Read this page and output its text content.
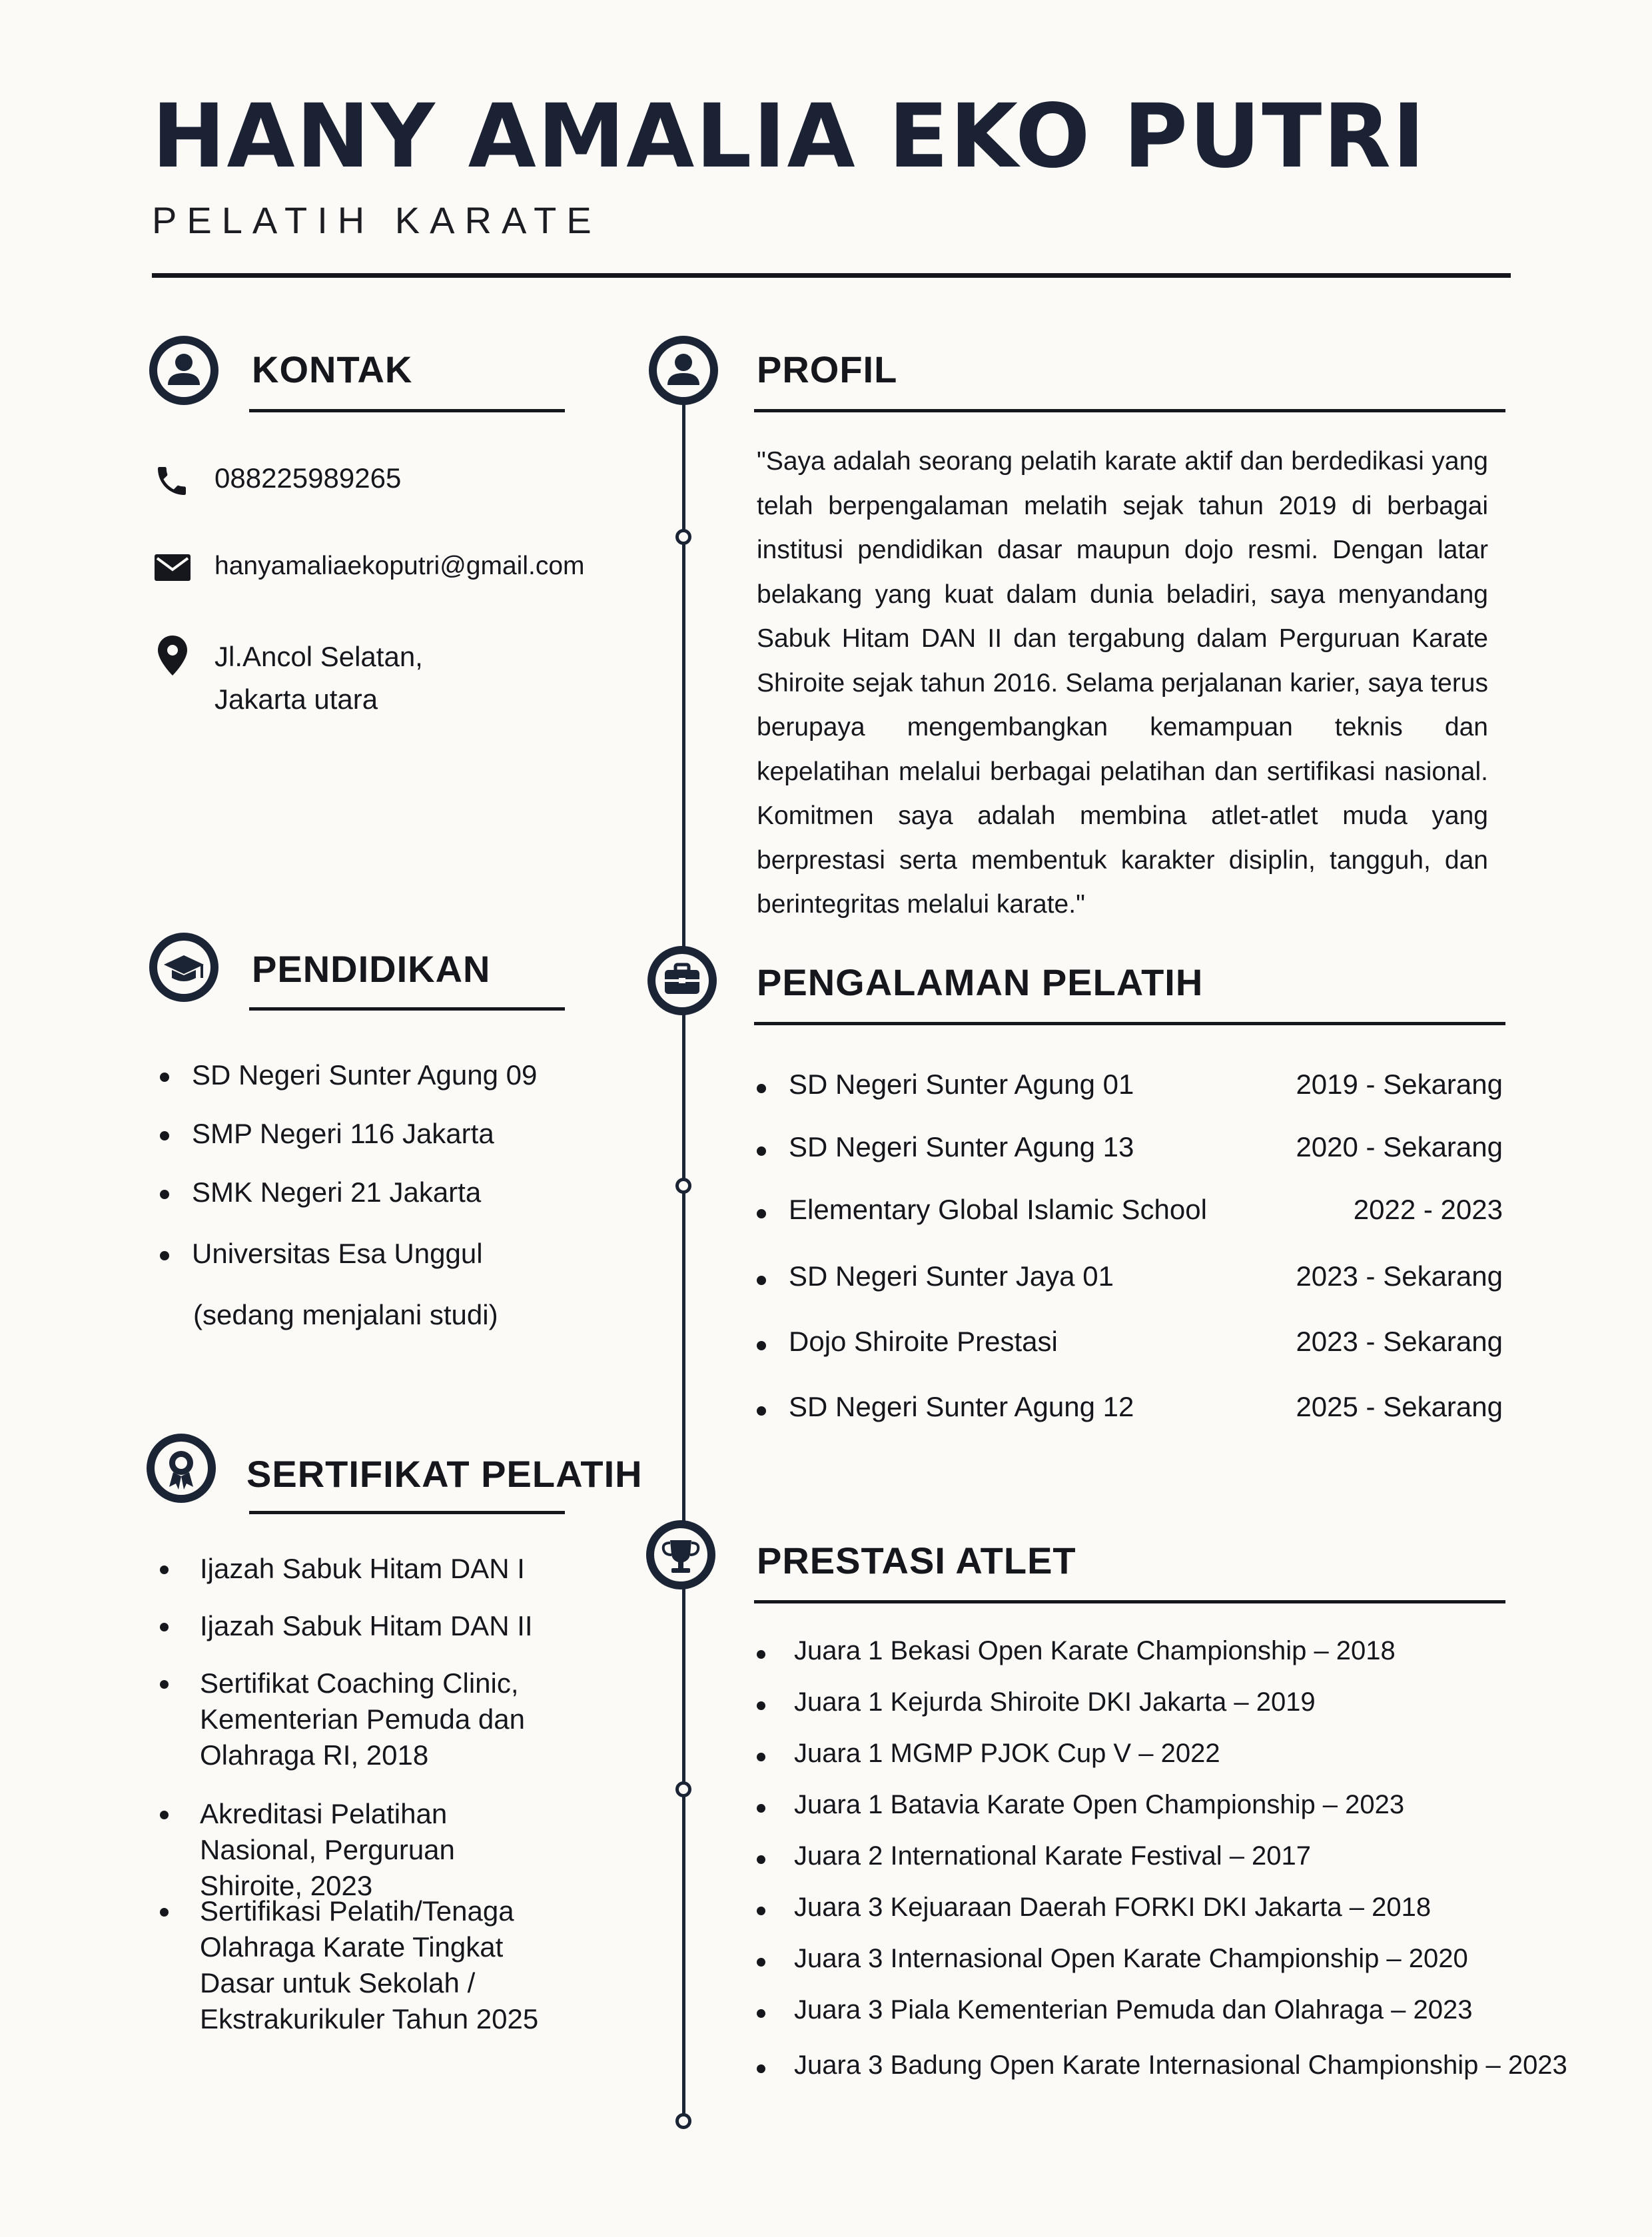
HANY AMALIA EKO PUTRI
PELATIH KARATE
KONTAK
088225989265
hanyamaliaekoputri@gmail.com
Jl.Ancol Selatan,
Jakarta utara
PENDIDIKAN
SD Negeri Sunter Agung 09
SMP Negeri 116 Jakarta
SMK Negeri 21 Jakarta
Universitas Esa Unggul
(sedang menjalani studi)
SERTIFIKAT PELATIH
Ijazah Sabuk Hitam DAN I
Ijazah Sabuk Hitam DAN II
Sertifikat Coaching Clinic, Kementerian Pemuda dan Olahraga RI, 2018
Akreditasi Pelatihan Nasional, Perguruan Shiroite, 2023
Sertifikasi Pelatih/Tenaga Olahraga Karate Tingkat Dasar untuk Sekolah / Ekstrakurikuler Tahun 2025
PROFIL

"Saya adalah seorang pelatih karate aktif dan berdedikasi yang telah berpengalaman melatih sejak tahun 2019 di berbagai institusi pendidikan dasar maupun dojo resmi. Dengan latar belakang yang kuat dalam dunia beladiri, saya menyandang Sabuk Hitam DAN II dan tergabung dalam Perguruan Karate Shiroite sejak tahun 2016. Selama perjalanan karier, saya terus berupaya mengembangkan kemampuan teknis dan kepelatihan melalui berbagai pelatihan dan sertifikasi nasional. Komitmen saya adalah membina atlet-atlet muda yang berprestasi serta membentuk karakter disiplin, tangguh, dan berintegritas melalui karate."

PENGALAMAN PELATIH
SD Negeri Sunter Agung 01	2019 - Sekarang
SD Negeri Sunter Agung 13	2020 - Sekarang
Elementary Global Islamic School	2022 - 2023
SD Negeri Sunter Jaya 01	2023 - Sekarang
Dojo Shiroite Prestasi	2023 - Sekarang
SD Negeri Sunter Agung 12	2025 - Sekarang
PRESTASI ATLET
Juara 1 Bekasi Open Karate Championship – 2018
Juara 1 Kejurda Shiroite DKI Jakarta – 2019
Juara 1 MGMP PJOK Cup V – 2022
Juara 1 Batavia Karate Open Championship – 2023
Juara 2 International Karate Festival – 2017
Juara 3 Kejuaraan Daerah FORKI DKI Jakarta – 2018
Juara 3 Internasional Open Karate Championship – 2020
Juara 3 Piala Kementerian Pemuda dan Olahraga – 2023
Juara 3 Badung Open Karate Internasional Championship – 2023
